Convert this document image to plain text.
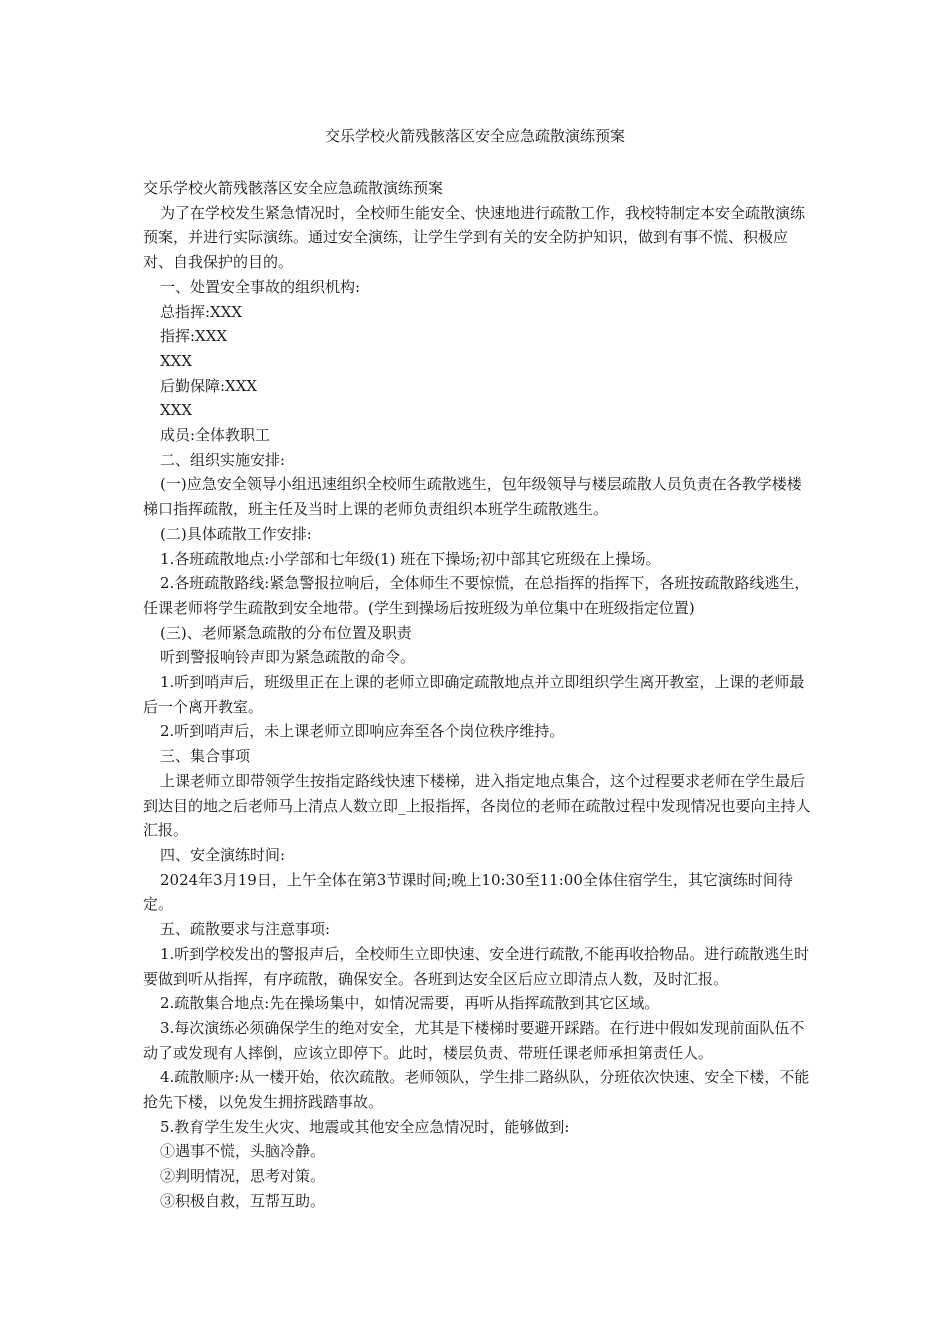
交乐学校火箭残骸落区安全应急疏散演练预案

交乐学校火箭残骸落区安全应急疏散演练预案

为了在学校发生紧急情况时，全校师生能安全、快速地进行疏散工作，我校特制定本安全疏散演练预案，并进行实际演练。通过安全演练，让学生学到有关的安全防护知识，做到有事不慌、积极应对、自我保护的目的。

一、处置安全事故的组织机构:

总指挥:XXX

指挥:XXX

XXX

后勤保障:XXX

XXX

成员:全体教职工

二、组织实施安排:

(一)应急安全领导小组迅速组织全校师生疏散逃生，包年级领导与楼层疏散人员负责在各教学楼楼梯口指挥疏散，班主任及当时上课的老师负责组织本班学生疏散逃生。

(二)具体疏散工作安排:

1.各班疏散地点:小学部和七年级(1) 班在下操场;初中部其它班级在上操场。

2.各班疏散路线:紧急警报拉响后，全体师生不要惊慌，在总指挥的指挥下，各班按疏散路线逃生，任课老师将学生疏散到安全地带。(学生到操场后按班级为单位集中在班级指定位置)

(三)、老师紧急疏散的分布位置及职责

听到警报响铃声即为紧急疏散的命令。

1.听到哨声后，班级里正在上课的老师立即确定疏散地点并立即组织学生离开教室，上课的老师最后一个离开教室。

2.听到哨声后，未上课老师立即响应奔至各个岗位秩序维持。

三、集合事项

上课老师立即带领学生按指定路线快速下楼梯，进入指定地点集合，这个过程要求老师在学生最后到达目的地之后老师马上清点人数立即_上报指挥，各岗位的老师在疏散过程中发现情况也要向主持人汇报。

四、安全演练时间:

2024年3月19日，上午全体在第3节课时间;晚上10:30至11:00全体住宿学生，其它演练时间待定。

五、疏散要求与注意事项:

1.听到学校发出的警报声后，全校师生立即快速、安全进行疏散,不能再收拾物品。进行疏散逃生时要做到听从指挥，有序疏散，确保安全。各班到达安全区后应立即清点人数，及时汇报。

2.疏散集合地点:先在操场集中，如情况需要，再听从指挥疏散到其它区域。

3.每次演练必须确保学生的绝对安全，尤其是下楼梯时要避开踩踏。在行进中假如发现前面队伍不动了或发现有人摔倒，应该立即停下。此时，楼层负责、带班任课老师承担第责任人。

4.疏散顺序:从一楼开始，依次疏散。老师领队，学生排二路纵队，分班依次快速、安全下楼，不能抢先下楼，以免发生拥挤践踏事故。

5.教育学生发生火灾、地震或其他安全应急情况时，能够做到:

①遇事不慌，头脑冷静。

②判明情况，思考对策。

③积极自救，互帮互助。
